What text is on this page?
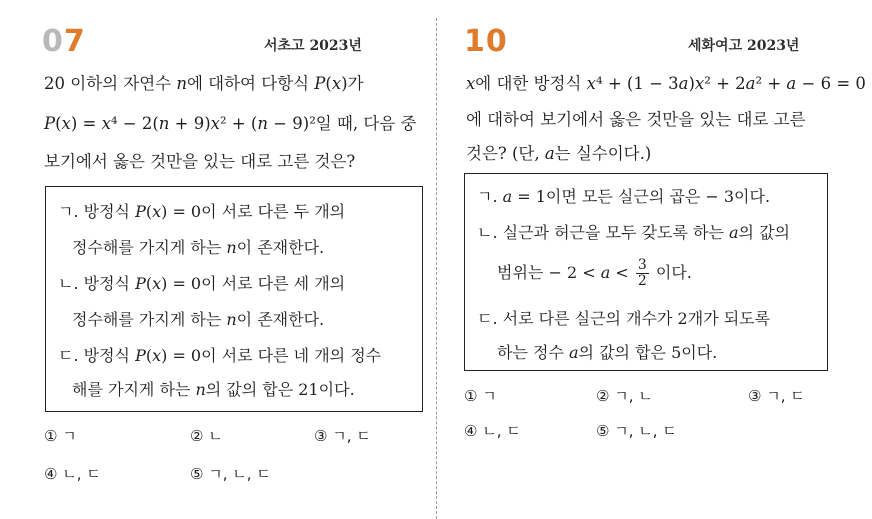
07	서초고 2023년
20 이하의 자연수 𝑛에 대하여 다항식 𝑃(𝑥)가
𝑃(𝑥) = 𝑥⁴ − 2(𝑛 + 9)𝑥² + (𝑛 − 9)²일 때, 다음 중
보기에서 옳은 것만을 있는 대로 고른 것은?
ㄱ. 방정식 𝑃(𝑥) = 0이 서로 다른 두 개의
정수해를 가지게 하는 𝑛이 존재한다.
ㄴ. 방정식 𝑃(𝑥) = 0이 서로 다른 세 개의
정수해를 가지게 하는 𝑛이 존재한다.
ㄷ. 방정식 𝑃(𝑥) = 0이 서로 다른 네 개의 정수
해를 가지게 하는 𝑛의 값의 합은 21이다.
① ㄱ	② ㄴ	③ ㄱ, ㄷ
④ ㄴ, ㄷ	⑤ ㄱ, ㄴ, ㄷ
10	세화여고 2023년
𝑥에 대한 방정식 𝑥⁴ + (1 − 3𝑎)𝑥² + 2𝑎² + 𝑎 − 6 = 0
에 대하여 보기에서 옳은 것만을 있는 대로 고른
것은? (단, 𝑎는 실수이다.)
ㄱ. 𝑎 = 1이면 모든 실근의 곱은 − 3이다.
ㄴ. 실근과 허근을 모두 갖도록 하는 𝑎의 값의
범위는 − 2 < 𝑎 < $\frac{3}{2}$ 이다.
ㄷ. 서로 다른 실근의 개수가 2개가 되도록
하는 정수 𝑎의 값의 합은 5이다.
① ㄱ	② ㄱ, ㄴ	③ ㄱ, ㄷ
④ ㄴ, ㄷ	⑤ ㄱ, ㄴ, ㄷ
